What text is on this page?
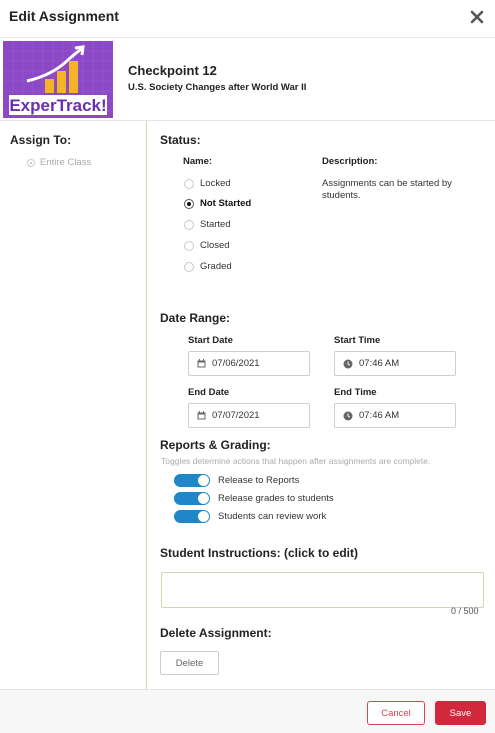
Edit Assignment
ExperTrack!
Checkpoint 12
U.S. Society Changes after World War II
Assign To:
Entire Class
Status:
Name:	Description:
Locked
Not Started
Started
Closed
Graded
Assignments can be started by students.
Date Range:
Start Date
07/06/2021
Start Time
07:46 AM
End Date
07/07/2021
End Time
07:46 AM
Reports & Grading:
Toggles determine actions that happen after assignments are complete.
Release to Reports
Release grades to students
Students can review work
Student Instructions: (click to edit)
0 / 500
Delete Assignment:
Delete
Cancel	Save
